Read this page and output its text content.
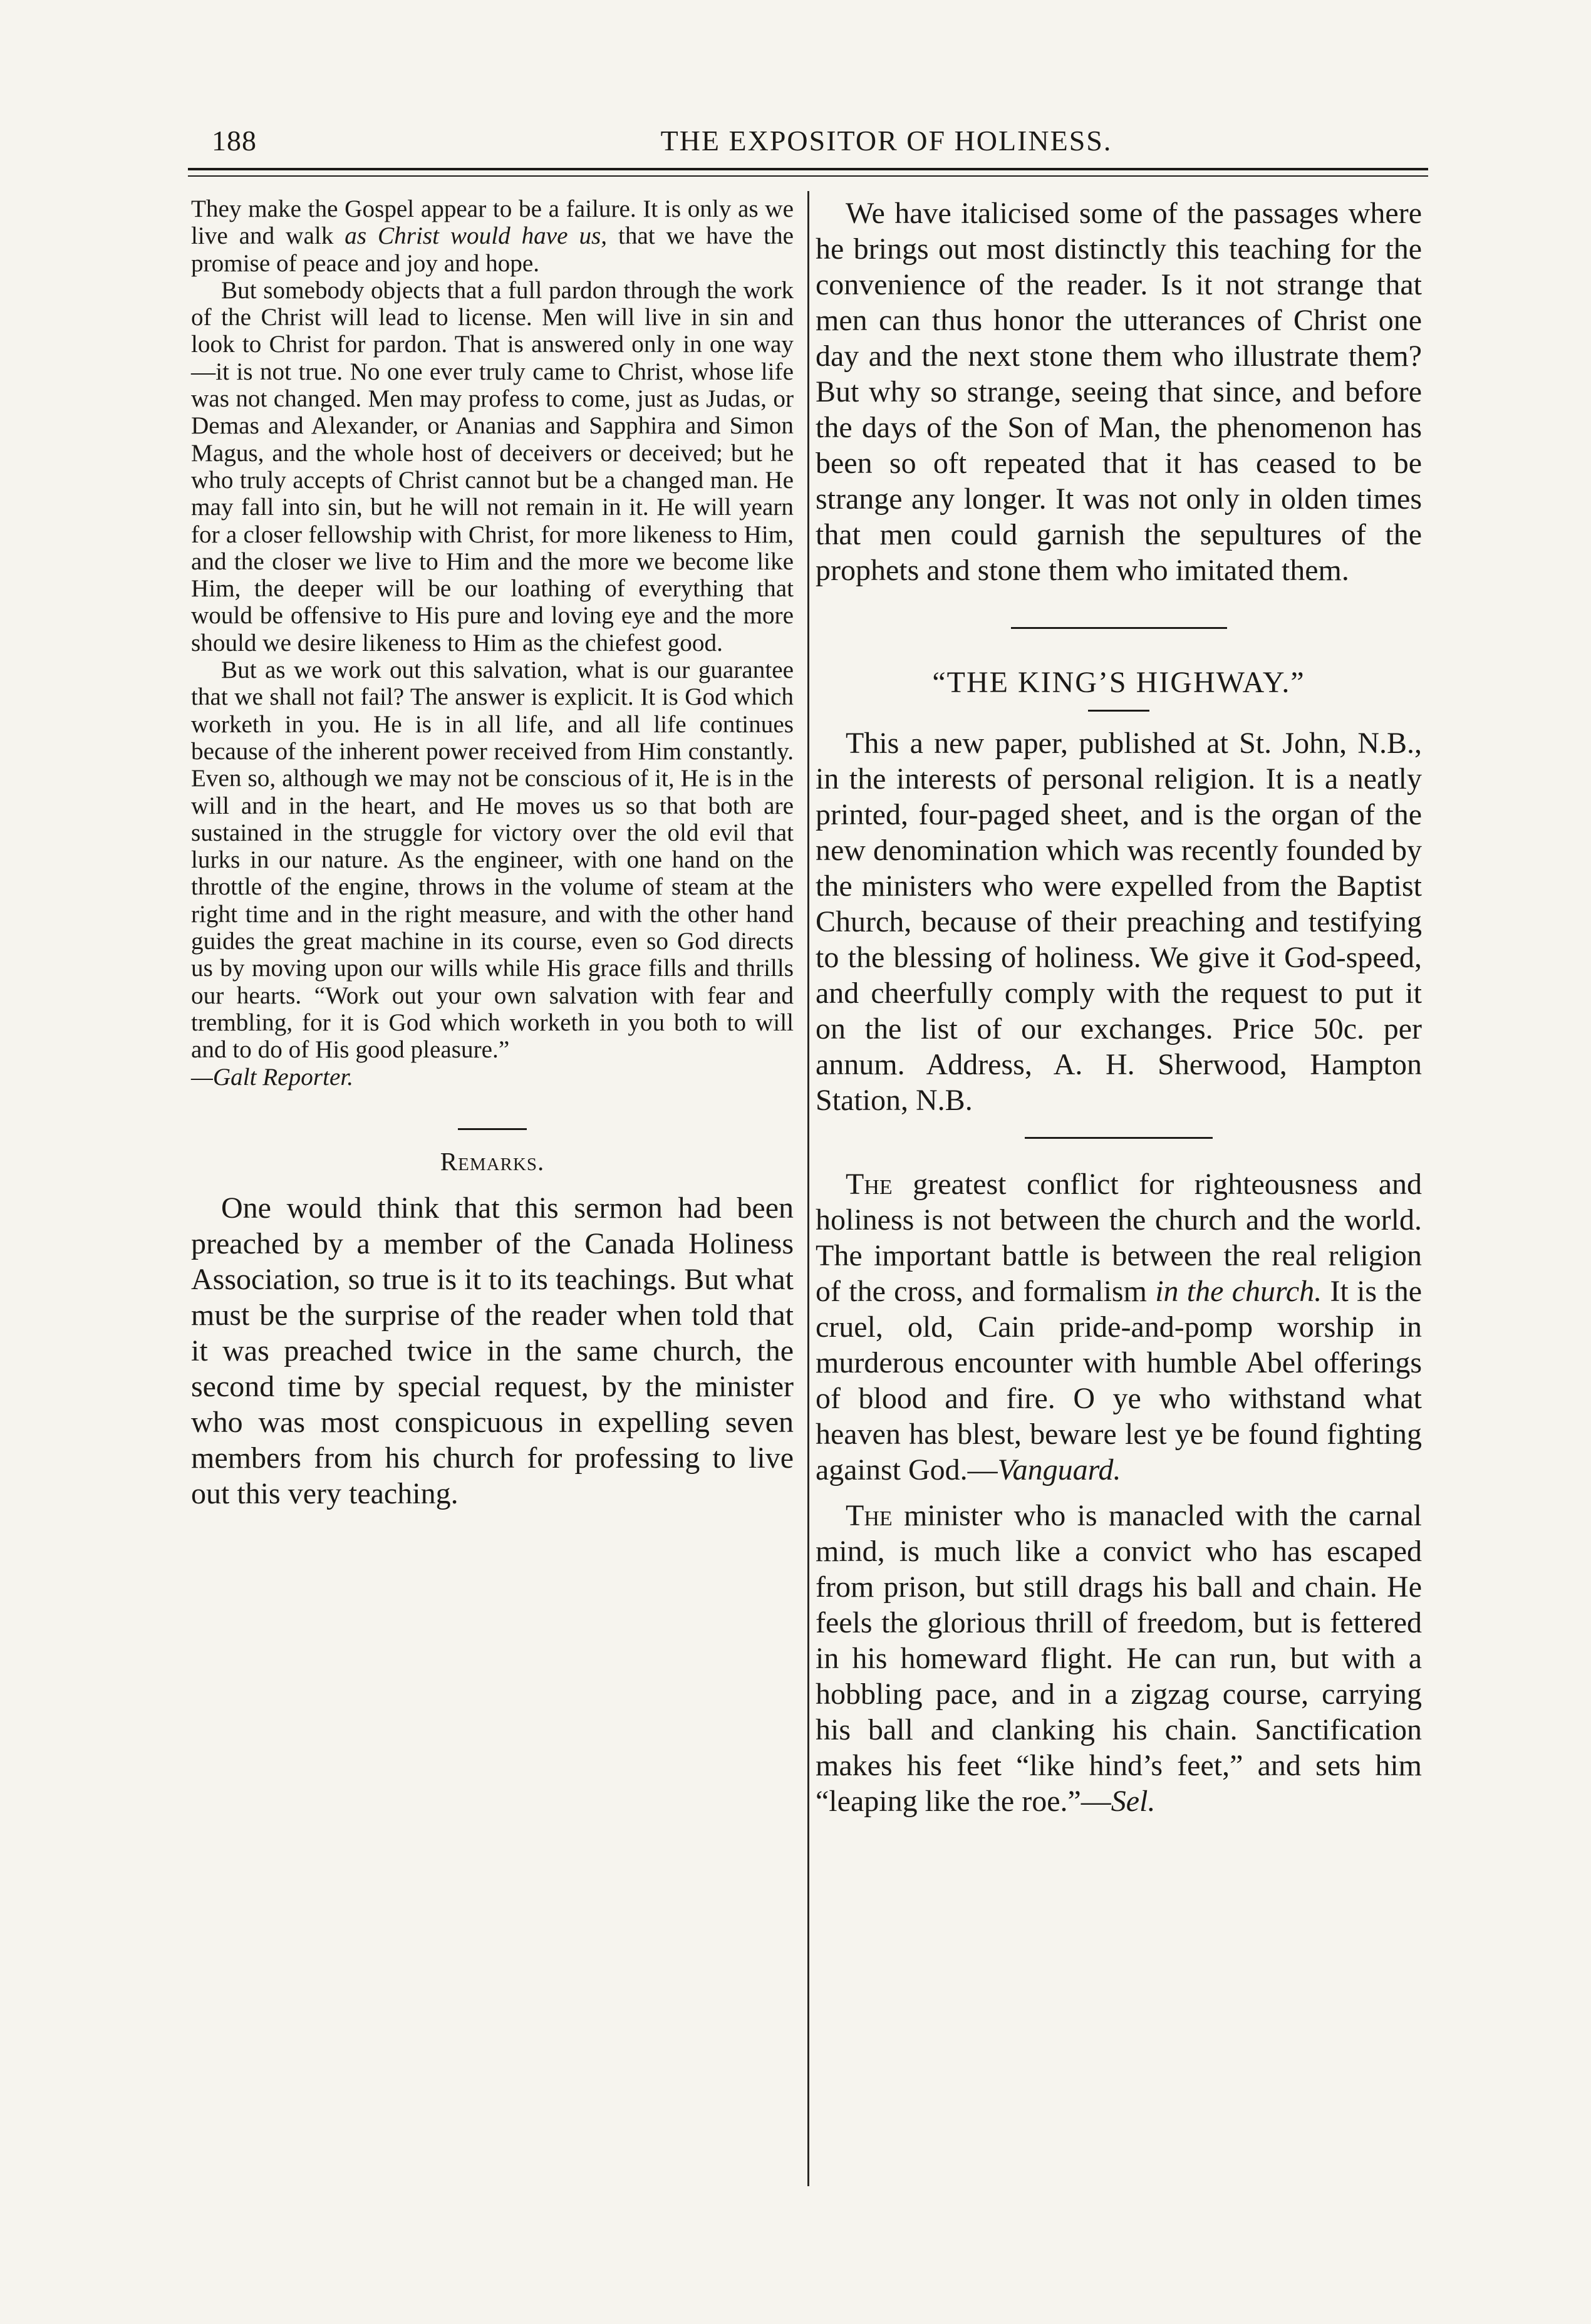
188	THE EXPOSITOR OF HOLINESS.

They make the Gospel appear to be a failure. It is only as we live and walk as Christ would have us, that we have the promise of peace and joy and hope.

But somebody objects that a full pardon through the work of the Christ will lead to license. Men will live in sin and look to Christ for pardon. That is answered only in one way—it is not true. No one ever truly came to Christ, whose life was not changed. Men may profess to come, just as Judas, or Demas and Alexander, or Ananias and Sapphira and Simon Magus, and the whole host of deceivers or deceived; but he who truly accepts of Christ cannot but be a changed man. He may fall into sin, but he will not remain in it. He will yearn for a closer fellowship with Christ, for more likeness to Him, and the closer we live to Him and the more we become like Him, the deeper will be our loathing of everything that would be offensive to His pure and loving eye and the more should we desire likeness to Him as the chiefest good.

But as we work out this salvation, what is our guarantee that we shall not fail? The answer is explicit. It is God which worketh in you. He is in all life, and all life continues because of the inherent power received from Him constantly. Even so, although we may not be conscious of it, He is in the will and in the heart, and He moves us so that both are sustained in the struggle for victory over the old evil that lurks in our nature. As the engineer, with one hand on the throttle of the engine, throws in the volume of steam at the right time and in the right measure, and with the other hand guides the great machine in its course, even so God directs us by moving upon our wills while His grace fills and thrills our hearts. “Work out your own salvation with fear and trembling, for it is God which worketh in you both to will and to do of His good pleasure.”

—Galt Reporter.

Remarks.

One would think that this sermon had been preached by a member of the Canada Holiness Association, so true is it to its teachings. But what must be the surprise of the reader when told that it was preached twice in the same church, the second time by special request, by the minister who was most conspicuous in expelling seven members from his church for professing to live out this very teaching.

We have italicised some of the passages where he brings out most distinctly this teaching for the convenience of the reader. Is it not strange that men can thus honor the utterances of Christ one day and the next stone them who illustrate them? But why so strange, seeing that since, and before the days of the Son of Man, the phenomenon has been so oft repeated that it has ceased to be strange any longer. It was not only in olden times that men could garnish the sepultures of the prophets and stone them who imitated them.

“THE KING’S HIGHWAY.”

This a new paper, published at St. John, N.B., in the interests of personal religion. It is a neatly printed, four-paged sheet, and is the organ of the new denomination which was recently founded by the ministers who were expelled from the Baptist Church, because of their preaching and testifying to the blessing of holiness. We give it God-speed, and cheerfully comply with the request to put it on the list of our exchanges. Price 50c. per annum. Address, A. H. Sherwood, Hampton Station, N.B.

The greatest conflict for righteousness and holiness is not between the church and the world. The important battle is between the real religion of the cross, and formalism in the church. It is the cruel, old, Cain pride-and-pomp worship in murderous encounter with humble Abel offerings of blood and fire. O ye who withstand what heaven has blest, beware lest ye be found fighting against God.—Vanguard.

The minister who is manacled with the carnal mind, is much like a convict who has escaped from prison, but still drags his ball and chain. He feels the glorious thrill of freedom, but is fettered in his homeward flight. He can run, but with a hobbling pace, and in a zigzag course, carrying his ball and clanking his chain. Sanctification makes his feet “like hind’s feet,” and sets him “leaping like the roe.”—Sel.
